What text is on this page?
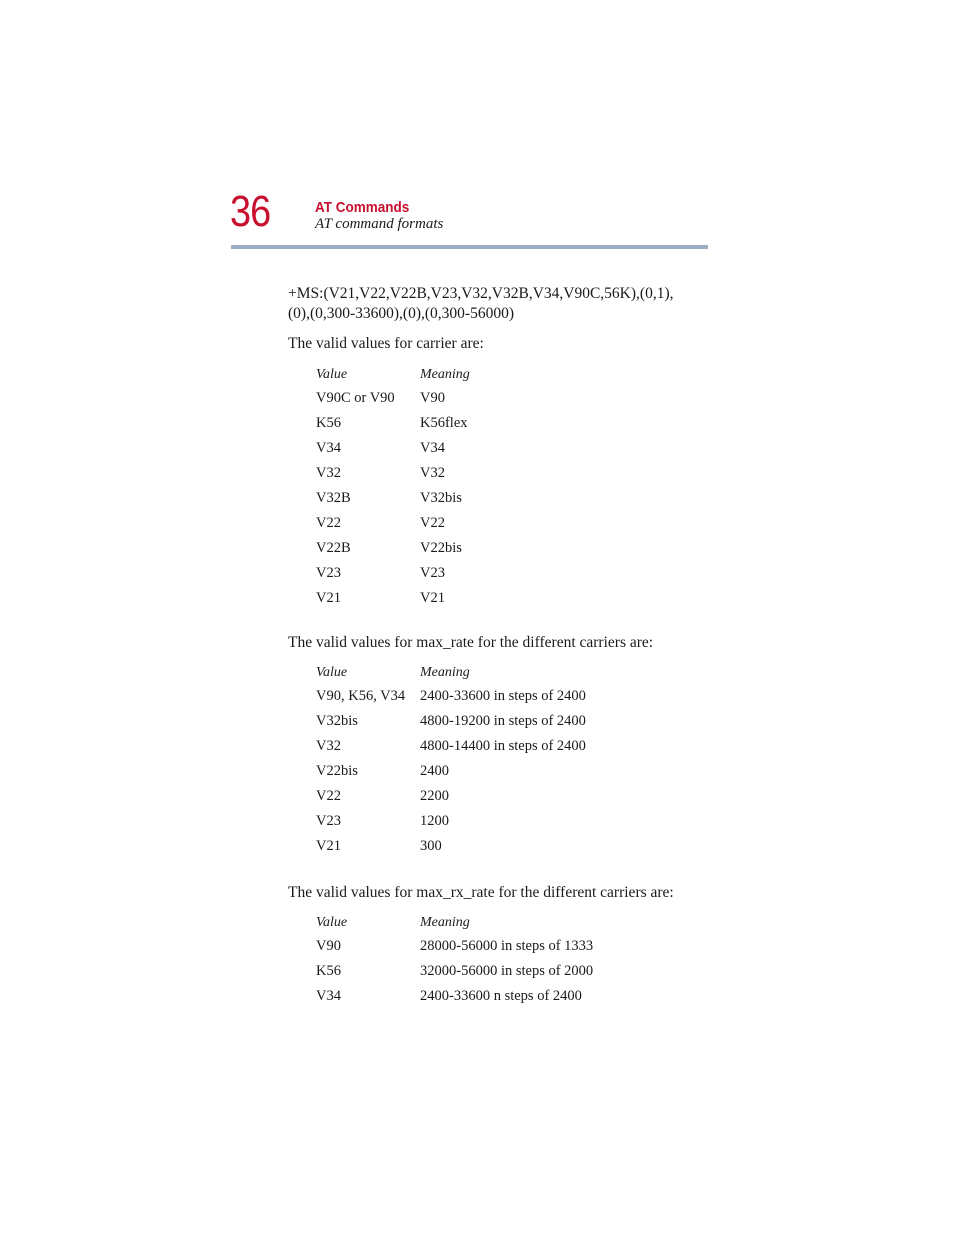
36	AT Commands
AT command formats
+MS:(V21,V22,V22B,V23,V32,V32B,V34,V90C,56K),(0,1),
(0),(0,300-33600),(0),(0,300-56000)
The valid values for carrier are:
Value	Meaning
V90C or V90	V90
K56	K56flex
V34	V34
V32	V32
V32B	V32bis
V22	V22
V22B	V22bis
V23	V23
V21	V21
The valid values for max_rate for the different carriers are:
Value	Meaning
V90, K56, V34	2400-33600 in steps of 2400
V32bis	4800-19200 in steps of 2400
V32	4800-14400 in steps of 2400
V22bis	2400
V22	2200
V23	1200
V21	300
The valid values for max_rx_rate for the different carriers are:
Value	Meaning
V90	28000-56000 in steps of 1333
K56	32000-56000 in steps of 2000
V34	2400-33600 n steps of 2400
